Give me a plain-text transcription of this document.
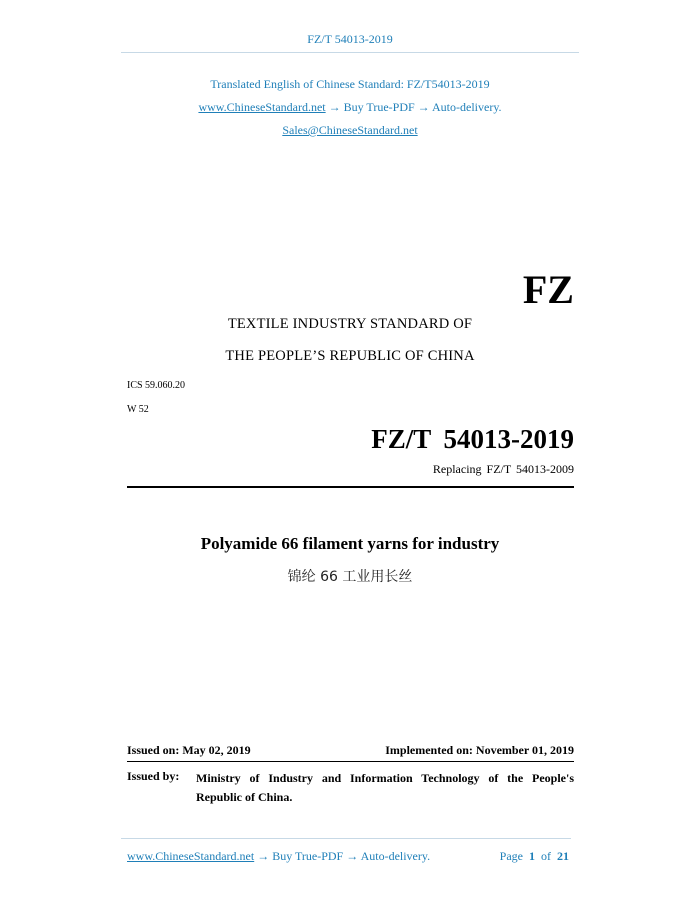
FZ/T 54013-2019
Translated English of Chinese Standard: FZ/T54013-2019
www.ChineseStandard.net → Buy True-PDF → Auto-delivery.
Sales@ChineseStandard.net
FZ
TEXTILE INDUSTRY STANDARD OF
THE PEOPLE’S REPUBLIC OF CHINA
ICS 59.060.20
W 52
FZ/T 54013-2019
Replacing FZ/T 54013-2009
Polyamide 66 filament yarns for industry
锦纶 66 工业用长丝
Issued on: May 02, 2019	Implemented on: November 01, 2019
Issued by: Ministry of Industry and Information Technology of the People's Republic of China.
www.ChineseStandard.net → Buy True-PDF → Auto-delivery.	Page 1 of 21
